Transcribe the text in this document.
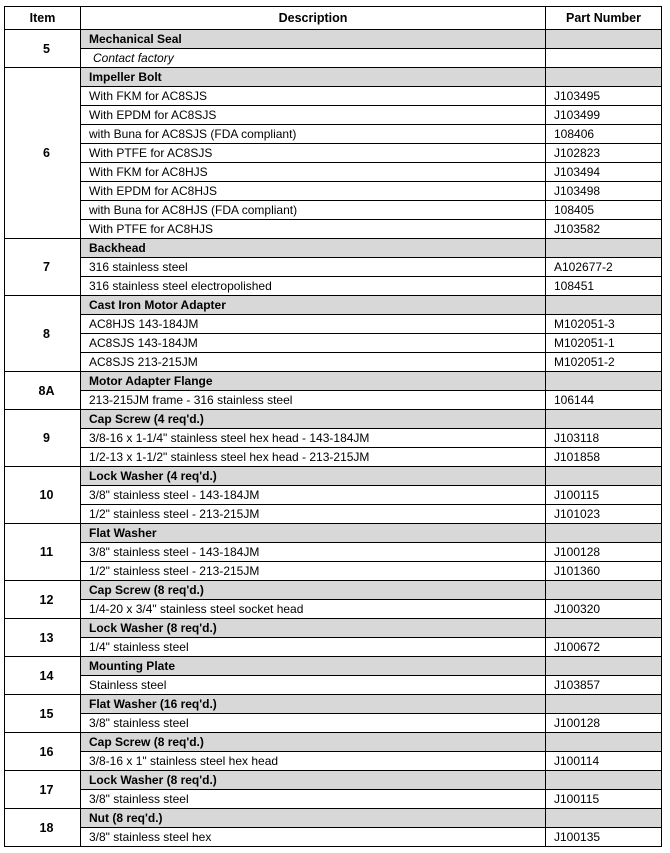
Item	Description	Part Number
5	Mechanical Seal	
	Contact factory	
6	Impeller Bolt	
	With FKM for AC8SJS	J103495
	With EPDM for AC8SJS	J103499
	with Buna for AC8SJS (FDA compliant)	108406
	With PTFE for AC8SJS	J102823
	With FKM for AC8HJS	J103494
	With EPDM for AC8HJS	J103498
	with Buna for AC8HJS (FDA compliant)	108405
	With PTFE for AC8HJS	J103582
7	Backhead	
	316 stainless steel	A102677-2
	316 stainless steel electropolished	108451
8	Cast Iron Motor Adapter	
	AC8HJS 143-184JM	M102051-3
	AC8SJS 143-184JM	M102051-1
	AC8SJS 213-215JM	M102051-2
8A	Motor Adapter Flange	
	213-215JM frame - 316 stainless steel	106144
9	Cap Screw (4 req'd.)	
	3/8-16 x 1-1/4" stainless steel hex head - 143-184JM	J103118
	1/2-13 x 1-1/2" stainless steel hex head - 213-215JM	J101858
10	Lock Washer (4 req'd.)	
	3/8" stainless steel - 143-184JM	J100115
	1/2" stainless steel - 213-215JM	J101023
11	Flat Washer	
	3/8" stainless steel - 143-184JM	J100128
	1/2" stainless steel - 213-215JM	J101360
12	Cap Screw (8 req'd.)	
	1/4-20 x 3/4" stainless steel socket head	J100320
13	Lock Washer (8 req'd.)	
	1/4" stainless steel	J100672
14	Mounting Plate	
	Stainless steel	J103857
15	Flat Washer (16 req'd.)	
	3/8" stainless steel	J100128
16	Cap Screw (8 req'd.)	
	3/8-16 x 1" stainless steel hex head	J100114
17	Lock Washer (8 req'd.)	
	3/8" stainless steel	J100115
18	Nut (8 req'd.)	
	3/8" stainless steel hex	J100135
